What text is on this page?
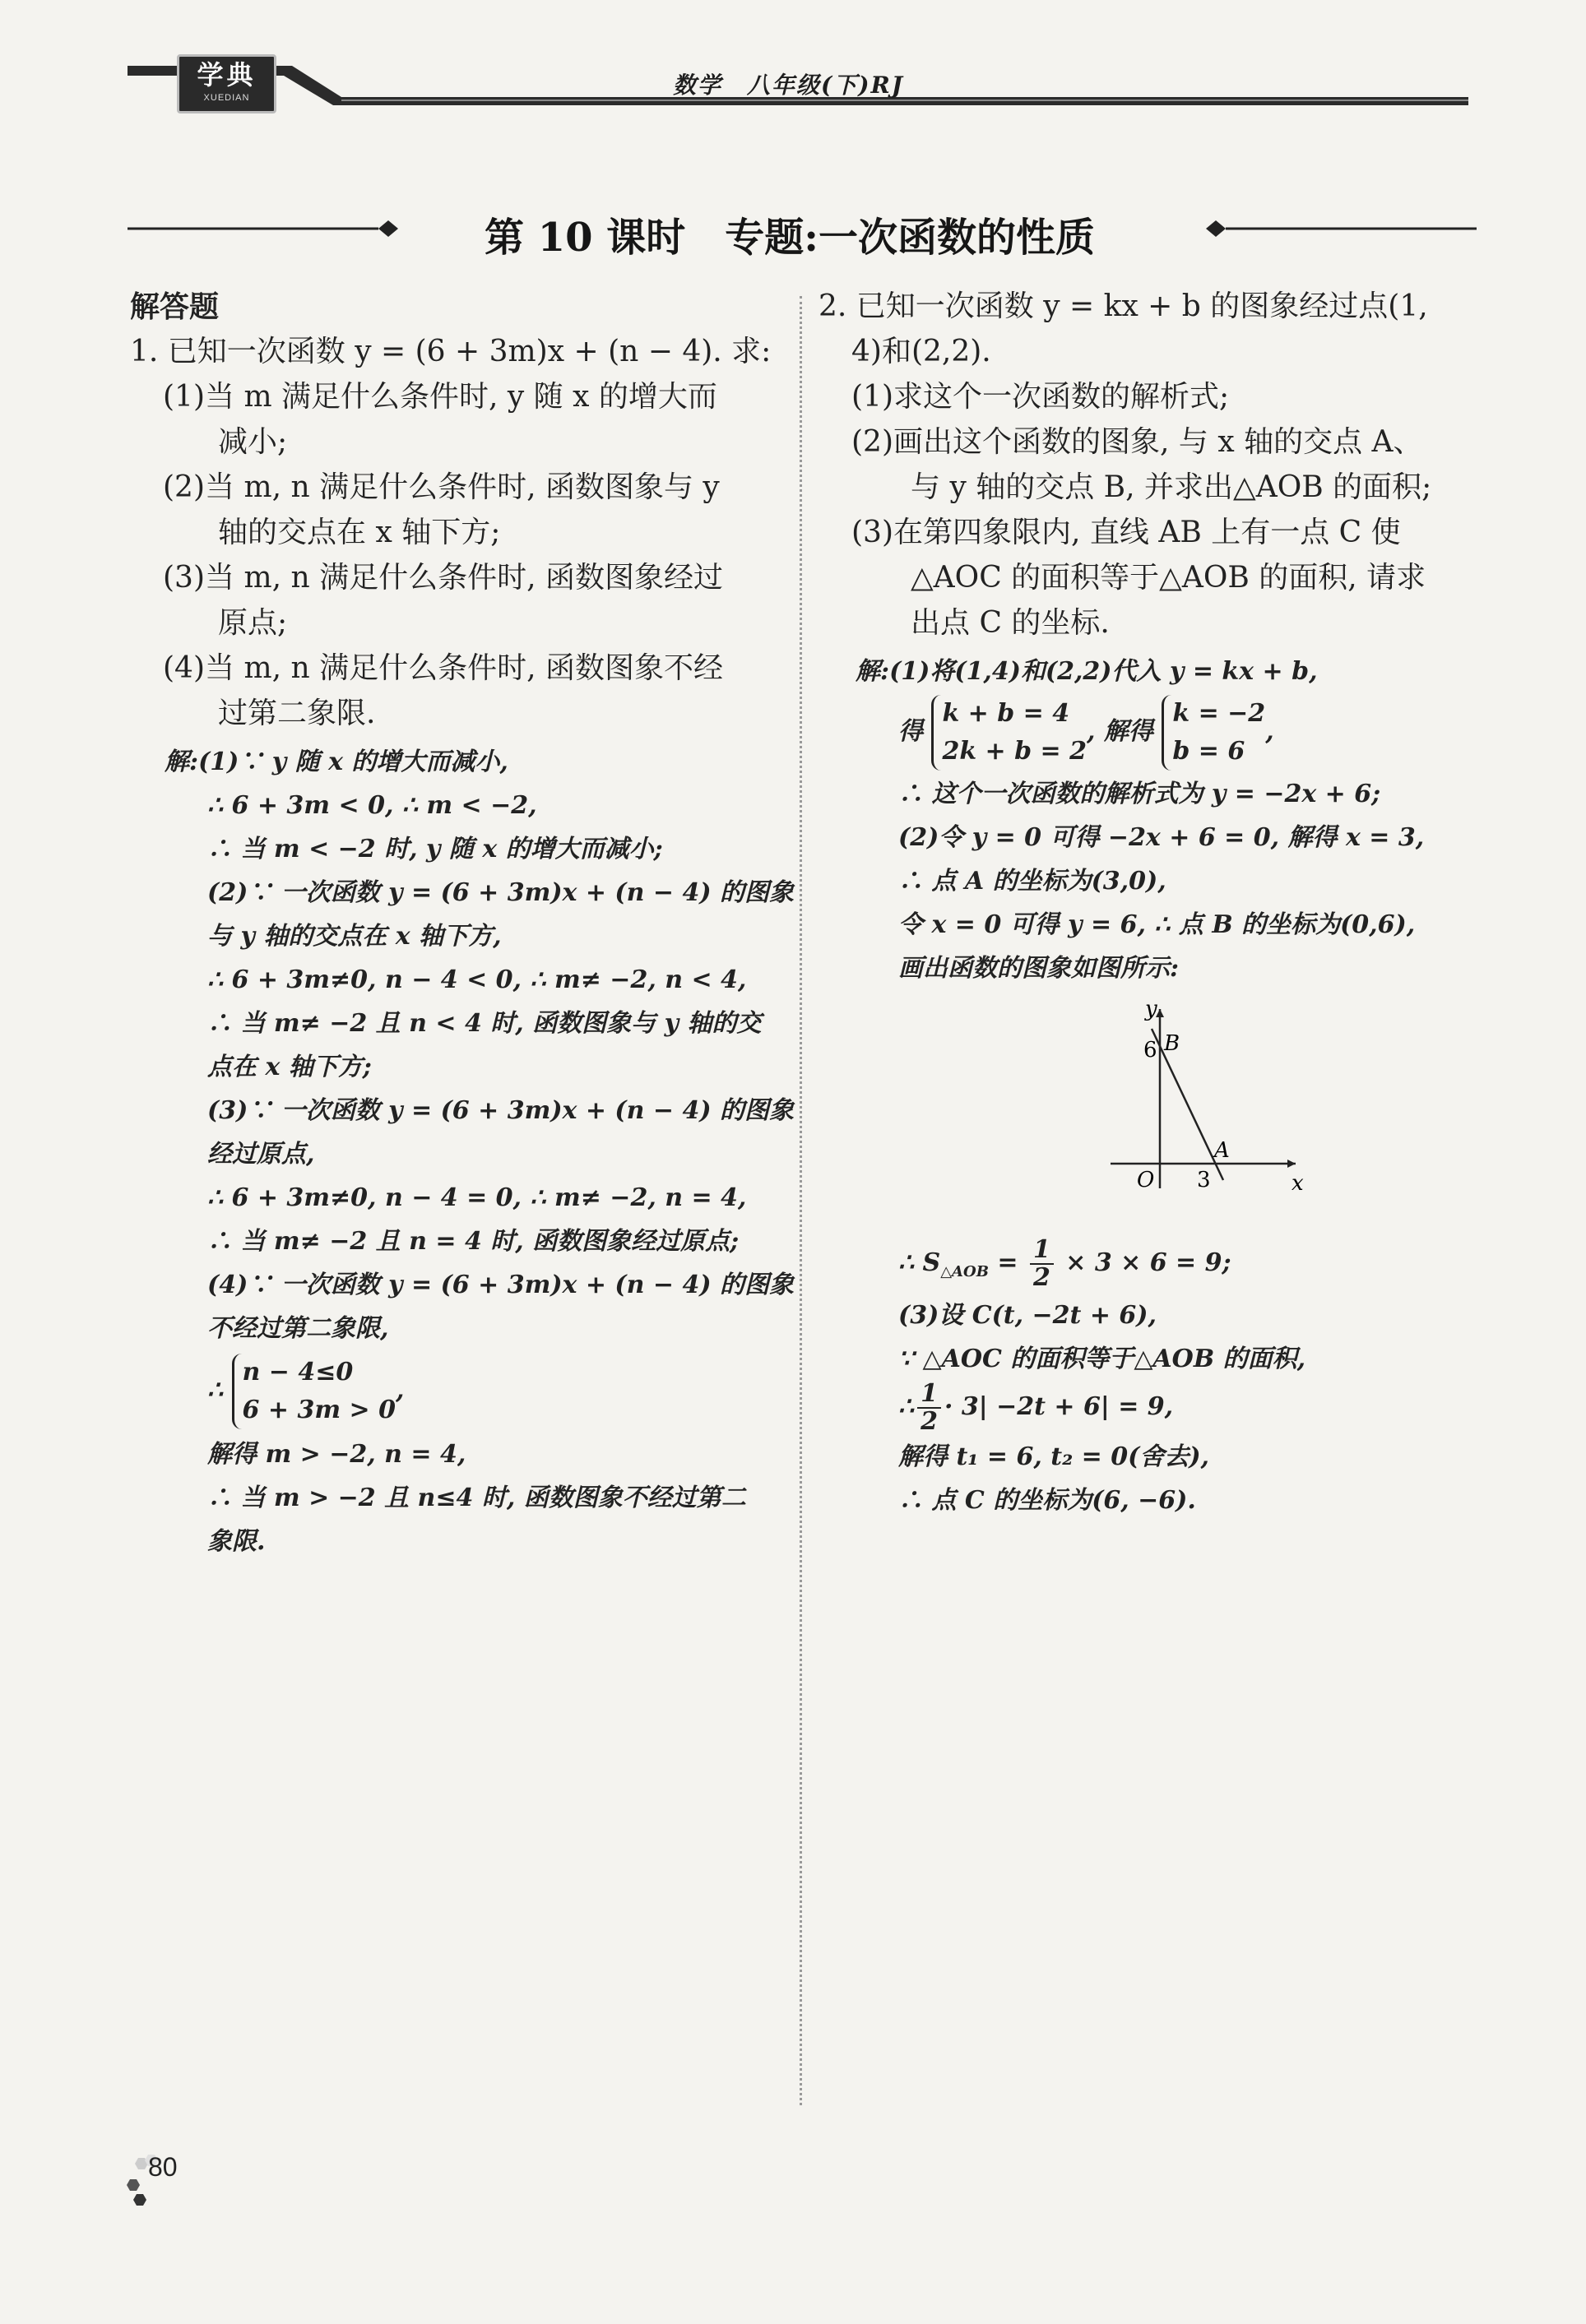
学典
XUEDIAN	数学　八年级(下)RJ
第 10 课时　专题:一次函数的性质
解答题
1. 已知一次函数 y = (6 + 3m)x + (n − 4). 求:
(1)当 m 满足什么条件时, y 随 x 的增大而
减小;
(2)当 m, n 满足什么条件时, 函数图象与 y
轴的交点在 x 轴下方;
(3)当 m, n 满足什么条件时, 函数图象经过
原点;
(4)当 m, n 满足什么条件时, 函数图象不经
过第二象限.
解:(1)∵ y 随 x 的增大而减小,
∴ 6 + 3m < 0, ∴ m < −2,
∴ 当 m < −2 时, y 随 x 的增大而减小;
(2)∵ 一次函数 y = (6 + 3m)x + (n − 4) 的图象
与 y 轴的交点在 x 轴下方,
∴ 6 + 3m≠0, n − 4 < 0, ∴ m≠ −2, n < 4,
∴ 当 m≠ −2 且 n < 4 时, 函数图象与 y 轴的交
点在 x 轴下方;
(3)∵ 一次函数 y = (6 + 3m)x + (n − 4) 的图象
经过原点,
∴ 6 + 3m≠0, n − 4 = 0, ∴ m≠ −2, n = 4,
∴ 当 m≠ −2 且 n = 4 时, 函数图象经过原点;
(4)∵ 一次函数 y = (6 + 3m)x + (n − 4) 的图象
不经过第二象限,
∴
n − 4≤0
6 + 3m > 0
,
解得 m > −2, n = 4,
∴ 当 m > −2 且 n≤4 时, 函数图象不经过第二
象限.
2. 已知一次函数 y = kx + b 的图象经过点(1,
4)和(2,2).
(1)求这个一次函数的解析式;
(2)画出这个函数的图象, 与 x 轴的交点 A、
与 y 轴的交点 B, 并求出△AOB 的面积;
(3)在第四象限内, 直线 AB 上有一点 C 使
△AOC 的面积等于△AOB 的面积, 请求
出点 C 的坐标.
解:(1)将(1,4)和(2,2)代入 y = kx + b,
得
k + b = 4
2k + b = 2
, 解得
k = −2
b = 6
,
∴ 这个一次函数的解析式为 y = −2x + 6;
(2)令 y = 0 可得 −2x + 6 = 0, 解得 x = 3,
∴ 点 A 的坐标为(3,0),
令 x = 0 可得 y = 6, ∴ 点 B 的坐标为(0,6),
画出函数的图象如图所示:
∴ $S_{\triangle AOB} = \frac{1}{2} \times 3 \times 6 = 9$;
(3)设 C(t, −2t + 6),
∵ △AOC 的面积等于△AOB 的面积,
∴ $\frac{1}{2} \cdot 3| -2t + 6| = 9$,
解得 t₁ = 6, t₂ = 0(舍去),
∴ 点 C 的坐标为(6, −6).
y
x
O
6 B
3
A
80
